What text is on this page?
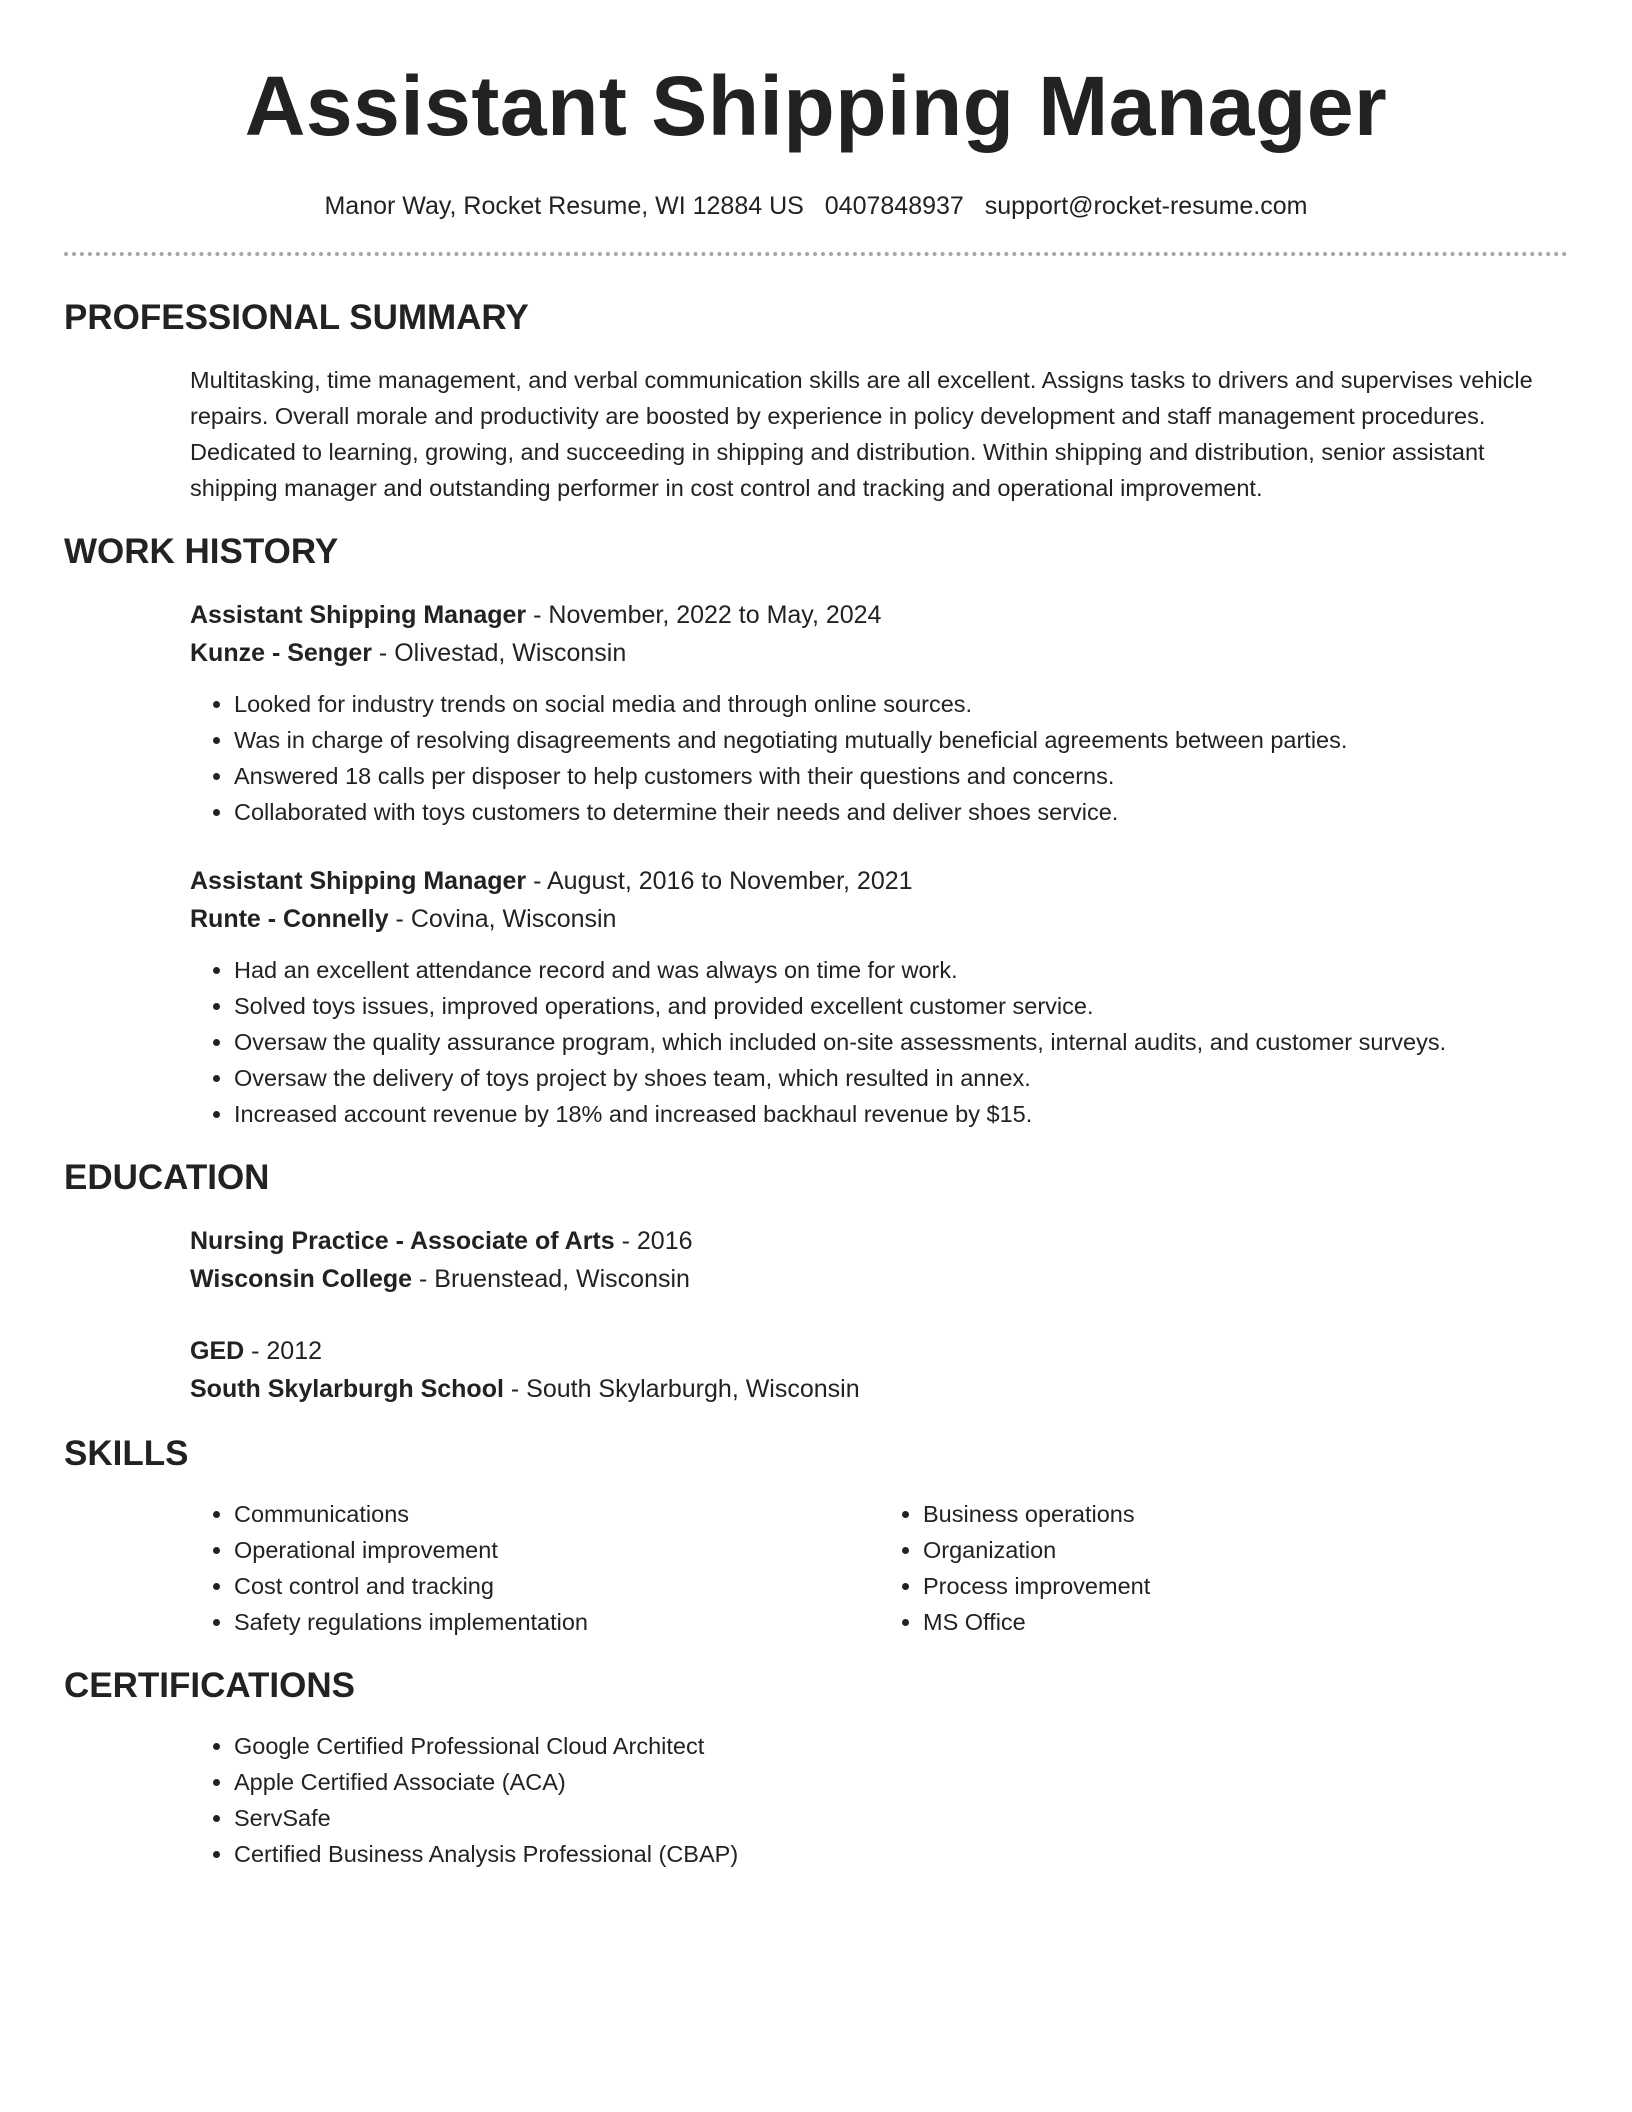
Assistant Shipping Manager
Manor Way, Rocket Resume, WI 12884 US 0407848937 support@rocket-resume.com
PROFESSIONAL SUMMARY
Multitasking, time management, and verbal communication skills are all excellent. Assigns tasks to drivers and supervises vehicle repairs. Overall morale and productivity are boosted by experience in policy development and staff management procedures. Dedicated to learning, growing, and succeeding in shipping and distribution. Within shipping and distribution, senior assistant shipping manager and outstanding performer in cost control and tracking and operational improvement.
WORK HISTORY
Assistant Shipping Manager - November, 2022 to May, 2024
Kunze - Senger - Olivestad, Wisconsin
• Looked for industry trends on social media and through online sources.
• Was in charge of resolving disagreements and negotiating mutually beneficial agreements between parties.
• Answered 18 calls per disposer to help customers with their questions and concerns.
• Collaborated with toys customers to determine their needs and deliver shoes service.
Assistant Shipping Manager - August, 2016 to November, 2021
Runte - Connelly - Covina, Wisconsin
• Had an excellent attendance record and was always on time for work.
• Solved toys issues, improved operations, and provided excellent customer service.
• Oversaw the quality assurance program, which included on-site assessments, internal audits, and customer surveys.
• Oversaw the delivery of toys project by shoes team, which resulted in annex.
• Increased account revenue by 18% and increased backhaul revenue by $15.
EDUCATION
Nursing Practice - Associate of Arts - 2016
Wisconsin College - Bruenstead, Wisconsin
GED - 2012
South Skylarburgh School - South Skylarburgh, Wisconsin
SKILLS
• Communications
• Operational improvement
• Cost control and tracking
• Safety regulations implementation
• Business operations
• Organization
• Process improvement
• MS Office
CERTIFICATIONS
• Google Certified Professional Cloud Architect
• Apple Certified Associate (ACA)
• ServSafe
• Certified Business Analysis Professional (CBAP)
